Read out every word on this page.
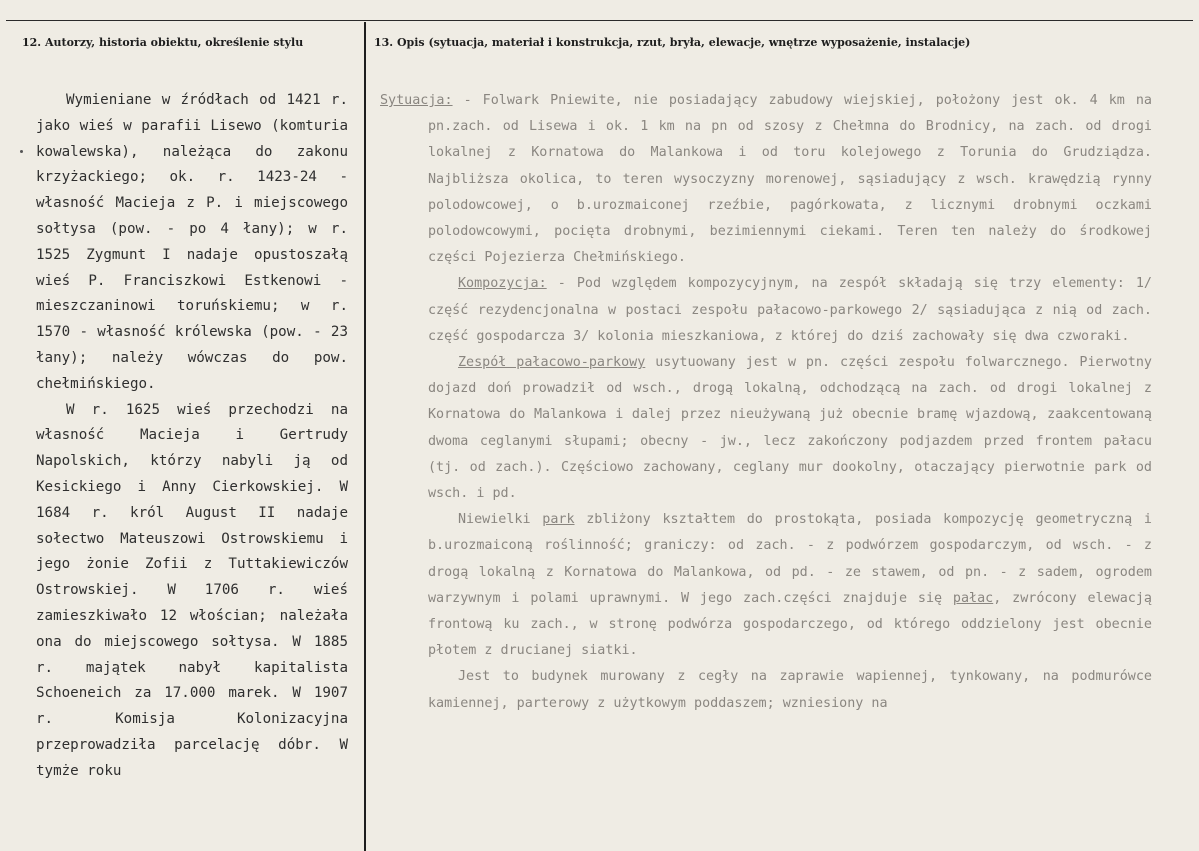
12. Autorzy, historia obiektu, określenie stylu	13. Opis (sytuacja, materiał i konstrukcja, rzut, bryła, elewacje, wnętrze wyposażenie, instalacje)

Wymieniane w źródłach od 1421 r. jako wieś w parafii Lisewo (komturia kowalewska), należąca do zakonu krzyżackiego; ok. r. 1423-24 - własność Macieja z P. i miejscowego sołtysa (pow. - po 4 łany); w r. 1525 Zygmunt I nadaje opustoszałą wieś P. Franciszkowi Estkenowi - mieszczaninowi toruńskiemu; w r. 1570 - własność królewska (pow. - 23 łany); należy wówczas do pow. chełmińskiego.

W r. 1625 wieś przechodzi na własność Macieja i Gertrudy Napolskich, którzy nabyli ją od Kesickiego i Anny Cierkowskiej. W 1684 r. król August II nadaje sołectwo Mateuszowi Ostrowskiemu i jego żonie Zofii z Tuttakiewiczów Ostrowskiej. W 1706 r. wieś zamieszkiwało 12 włościan; należała ona do miejscowego sołtysa. W 1885 r. majątek nabył kapitalista Schoeneich za 17.000 marek. W 1907 r. Komisja Kolonizacyjna przeprowadziła parcelację dóbr. W tymże roku

Sytuacja: - Folwark Pniewite, nie posiadający zabudowy wiejskiej, położony jest ok. 4 km na pn.zach. od Lisewa i ok. 1 km na pn od szosy z Chełmna do Brodnicy, na zach. od drogi lokalnej z Kornatowa do Malankowa i od toru kolejowego z Torunia do Grudziądza. Najbliższa okolica, to teren wysoczyzny morenowej, sąsiadujący z wsch. krawędzią rynny polodowcowej, o b.urozmaiconej rzeźbie, pagórkowata, z licznymi drobnymi oczkami polodowcowymi, pocięta drobnymi, bezimiennymi ciekami. Teren ten należy do środkowej części Pojezierza Chełmińskiego.

Kompozycja: - Pod względem kompozycyjnym, na zespół składają się trzy elementy: 1/ część rezydencjonalna w postaci zespołu pałacowo-parkowego 2/ sąsiadująca z nią od zach. część gospodarcza 3/ kolonia mieszkaniowa, z której do dziś zachowały się dwa czworaki.

Zespół pałacowo-parkowy usytuowany jest w pn. części zespołu folwarcznego. Pierwotny dojazd doń prowadził od wsch., drogą lokalną, odchodzącą na zach. od drogi lokalnej z Kornatowa do Malankowa i dalej przez nieużywaną już obecnie bramę wjazdową, zaakcentowaną dwoma ceglanymi słupami; obecny - jw., lecz zakończony podjazdem przed frontem pałacu (tj. od zach.). Częściowo zachowany, ceglany mur dookolny, otaczający pierwotnie park od wsch. i pd.

Niewielki park zbliżony kształtem do prostokąta, posiada kompozycję geometryczną i b.urozmaiconą roślinność; graniczy: od zach. - z podwórzem gospodarczym, od wsch. - z drogą lokalną z Kornatowa do Malankowa, od pd. - ze stawem, od pn. - z sadem, ogrodem warzywnym i polami uprawnymi. W jego zach.części znajduje się pałac, zwrócony elewacją frontową ku zach., w stronę podwórza gospodarczego, od którego oddzielony jest obecnie płotem z drucianej siatki.

Jest to budynek murowany z cegły na zaprawie wapiennej, tynkowany, na podmurówce kamiennej, parterowy z użytkowym poddaszem; wzniesiony na
